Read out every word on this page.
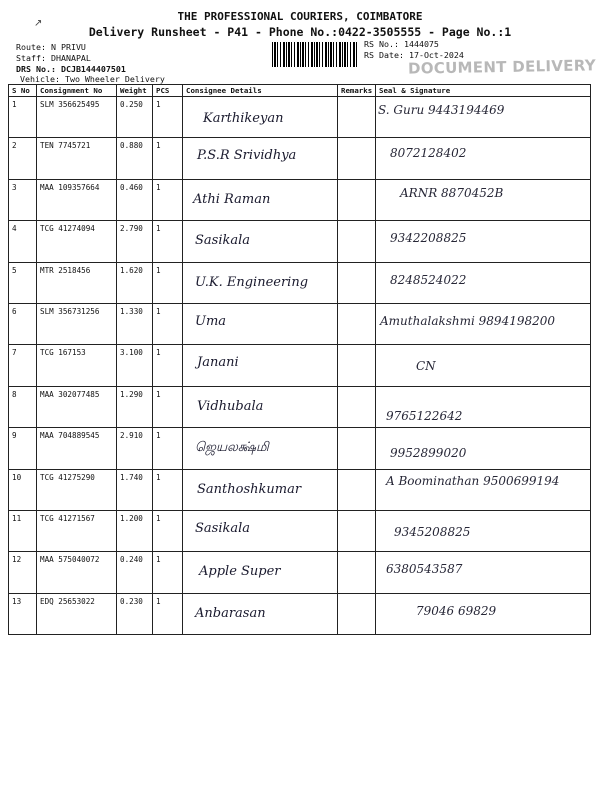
↗
THE PROFESSIONAL COURIERS, COIMBATORE
Delivery Runsheet - P41 - Phone No.:0422-3505555 - Page No.:1
Route: N PRIVU
Staff: DHANAPAL
DRS No.: DCJB144407501
Vehicle: Two Wheeler Delivery
RS No.: 1444075
RS Date: 17-Oct-2024
DOCUMENT DELIVERY
S No	Consignment No	Weight	PCS	Consignee Details	Remarks	Seal & Signature
1	SLM 356625495	0.250	1	Karthikeyan		S. Guru 9443194469

2	TEN 7745721	0.880	1	P.S.R Srividhya		8072128402

3	MAA 109357664	0.460	1	Athi Raman		ARNR 8870452B

4	TCG 41274094	2.790	1	Sasikala		9342208825

5	MTR 2518456	1.620	1	U.K. Engineering		8248524022

6	SLM 356731256	1.330	1	Uma		Amuthalakshmi 9894198200

7	TCG 167153	3.100	1	Janani		CN

8	MAA 302077485	1.290	1	Vidhubala		9765122642

9	MAA 704889545	2.910	1	ஜெயலக்ஷ்மி		9952899020

10	TCG 41275290	1.740	1	Santhoshkumar		A Boominathan 9500699194

11	TCG 41271567	1.200	1	Sasikala		9345208825

12	MAA 575040072	0.240	1	Apple Super		6380543587

13	EDQ 25653022	0.230	1	Anbarasan		79046 69829
